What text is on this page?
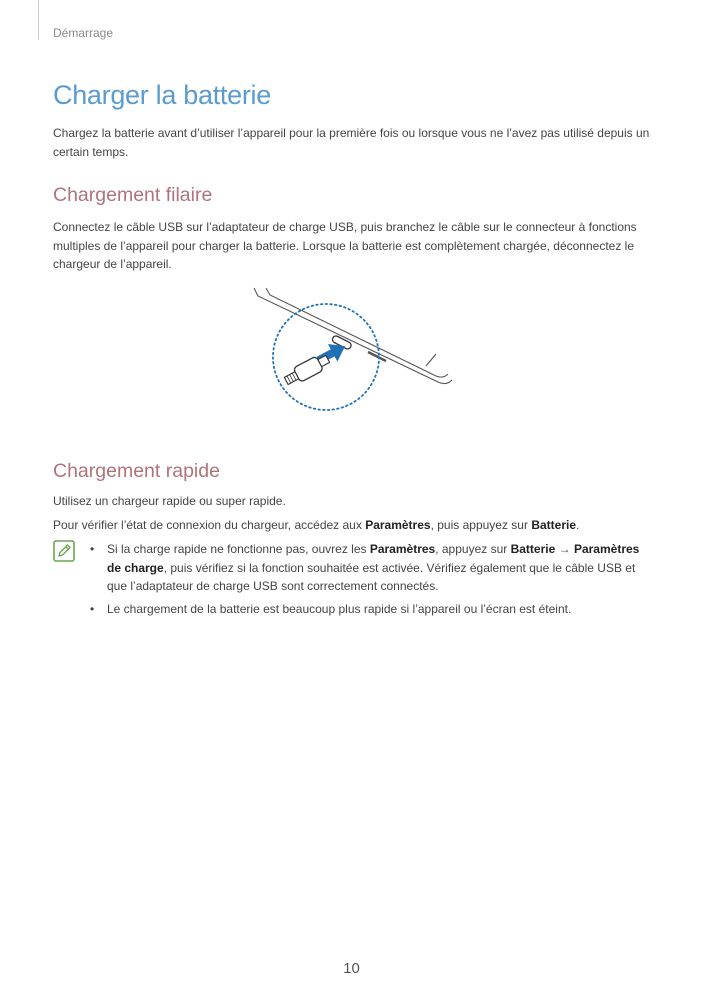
Démarrage
Charger la batterie

Chargez la batterie avant d’utiliser l’appareil pour la première fois ou lorsque vous ne l’avez pas utilisé depuis un certain temps.

Chargement filaire

Connectez le câble USB sur l’adaptateur de charge USB, puis branchez le câble sur le connecteur à fonctions multiples de l’appareil pour charger la batterie. Lorsque la batterie est complètement chargée, déconnectez le chargeur de l’appareil.

Chargement rapide

Utilisez un chargeur rapide ou super rapide.

Pour vérifier l’état de connexion du chargeur, accédez aux Paramètres, puis appuyez sur Batterie.

• Si la charge rapide ne fonctionne pas, ouvrez les Paramètres, appuyez sur Batterie → Paramètres de charge, puis vérifiez si la fonction souhaitée est activée. Vérifiez également que le câble USB et que l’adaptateur de charge USB sont correctement connectés.
• Le chargement de la batterie est beaucoup plus rapide si l’appareil ou l’écran est éteint.
10
